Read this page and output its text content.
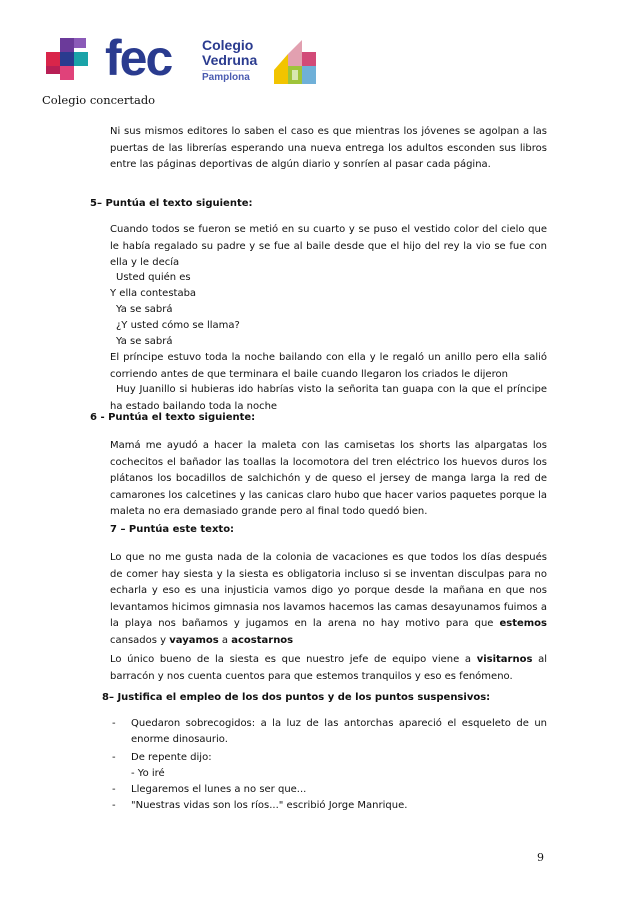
fec Colegio
Vedruna
Pamplona
Colegio concertado
Ni sus mismos editores lo saben el caso es que mientras los jóvenes se agolpan a las puertas de las librerías esperando una nueva entrega los adultos esconden sus libros entre las páginas deportivas de algún diario y sonríen al pasar cada página.
5– Puntúa el texto siguiente:
Cuando todos se fueron se metió en su cuarto y se puso el vestido color del cielo que le había regalado su padre y se fue al baile desde que el hijo del rey la vio se fue con ella y le decía
Usted quién es
Y ella contestaba
Ya se sabrá
¿Y usted cómo se llama?
Ya se sabrá
El príncipe estuvo toda la noche bailando con ella y le regaló un anillo pero ella salió corriendo antes de que terminara el baile cuando llegaron los criados le dijeron
Huy Juanillo si hubieras ido habrías visto la señorita tan guapa con la que el príncipe ha estado bailando toda la noche
6 - Puntúa el texto siguiente:
Mamá me ayudó a hacer la maleta con las camisetas los shorts las alpargatas los cochecitos el bañador las toallas la locomotora del tren eléctrico los huevos duros los plátanos los bocadillos de salchichón y de queso el jersey de manga larga la red de camarones los calcetines y las canicas claro hubo que hacer varios paquetes porque la maleta no era demasiado grande pero al final todo quedó bien.
7 – Puntúa este texto:
Lo que no me gusta nada de la colonia de vacaciones es que todos los días después de comer hay siesta y la siesta es obligatoria incluso si se inventan disculpas para no echarla y eso es una injusticia vamos digo yo porque desde la mañana en que nos levantamos hicimos gimnasia nos lavamos hacemos las camas desayunamos fuimos a la playa nos bañamos y jugamos en la arena no hay motivo para que estemos cansados y vayamos a acostarnos
Lo único bueno de la siesta es que nuestro jefe de equipo viene a visitarnos al barracón y nos cuenta cuentos para que estemos tranquilos y eso es fenómeno.
8– Justifica el empleo de los dos puntos y de los puntos suspensivos:
- Quedaron sobrecogidos: a la luz de las antorchas apareció el esqueleto de un enorme dinosaurio.
- De repente dijo:
- Yo iré
- Llegaremos el lunes a no ser que...
- "Nuestras vidas son los ríos..." escribió Jorge Manrique.
9
